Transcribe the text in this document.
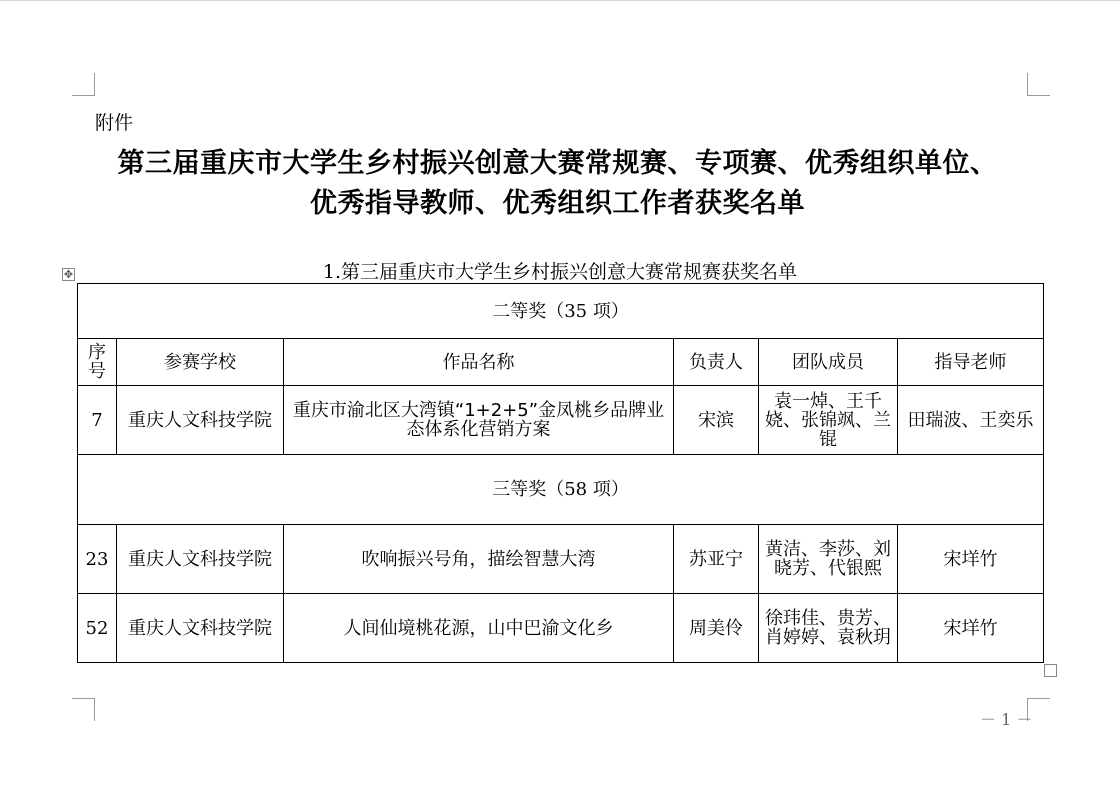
附件
第三届重庆市大学生乡村振兴创意大赛常规赛、专项赛、优秀组织单位、
优秀指导教师、优秀组织工作者获奖名单
1.第三届重庆市大学生乡村振兴创意大赛常规赛获奖名单
✥
二等奖（35 项）					
序号	参赛学校	作品名称	负责人	团队成员	指导老师
7	重庆人文科技学院	重庆市渝北区大湾镇“1+2+5”金凤桃乡品牌业态体系化营销方案	宋滨	袁一焯、王千娆、张锦飒、兰锟	田瑞波、王奕乐
三等奖（58 项）					
23	重庆人文科技学院	吹响振兴号角，描绘智慧大湾	苏亚宁	黄洁、李莎、刘晓芳、代银熙	宋垟竹
52	重庆人文科技学院	人间仙境桃花源，山中巴渝文化乡	周美伶	徐玮佳、贵芳、肖婷婷、袁秋玥	宋垟竹
－ 1 －
